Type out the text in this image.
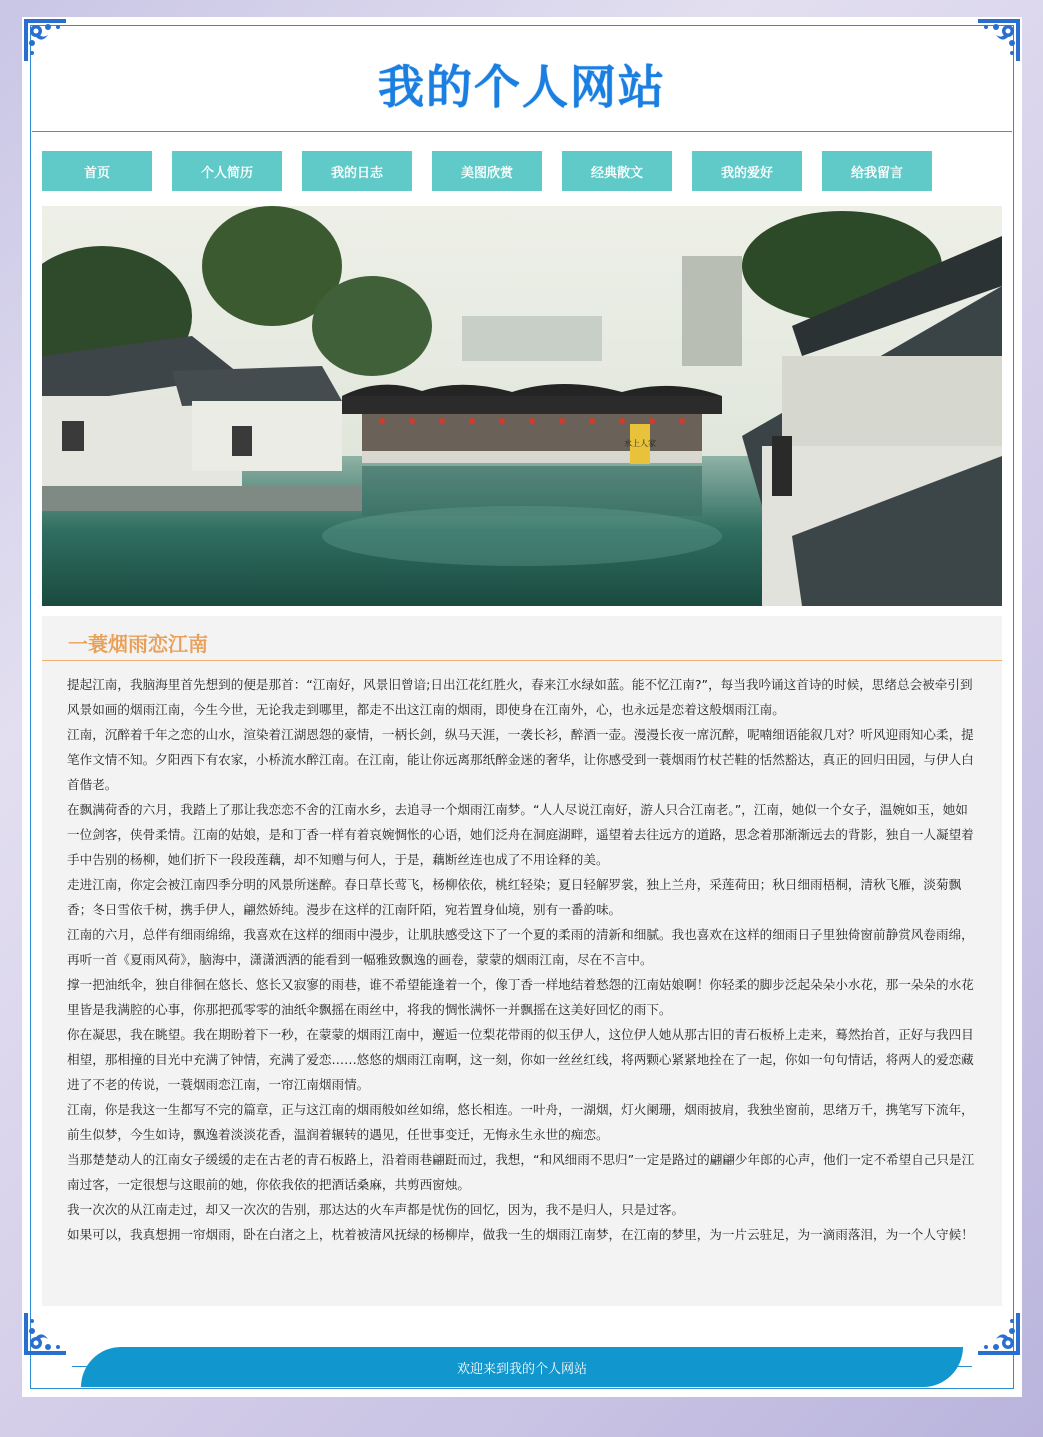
我的个人网站
首页	个人简历	我的日志	美图欣赏	经典散文	我的爱好	给我留言
水上人家
一蓑烟雨恋江南

提起江南，我脑海里首先想到的便是那首：“江南好，风景旧曾谙;日出江花红胜火，春来江水绿如蓝。能不忆江南?”，每当我吟诵这首诗的时候，思绪总会被牵引到风景如画的烟雨江南，今生今世，无论我走到哪里，都走不出这江南的烟雨，即使身在江南外，心，也永远是恋着这般烟雨江南。

江南，沉醉着千年之恋的山水，渲染着江湖恩怨的豪情，一柄长剑，纵马天涯，一袭长衫，醉酒一壶。漫漫长夜一席沉醉，呢喃细语能叙几对？听风迎雨知心柔，提笔作文情不知。夕阳西下有农家，小桥流水醉江南。在江南，能让你远离那纸醉金迷的奢华，让你感受到一蓑烟雨竹杖芒鞋的恬然豁达，真正的回归田园，与伊人白首偕老。

在飘满荷香的六月，我踏上了那让我恋恋不舍的江南水乡，去追寻一个烟雨江南梦。“人人尽说江南好，游人只合江南老。”，江南，她似一个女子，温婉如玉，她如一位剑客，侠骨柔情。江南的姑娘，是和丁香一样有着哀婉惆怅的心语，她们泛舟在洞庭湖畔，遥望着去往远方的道路，思念着那渐渐远去的背影，独自一人凝望着手中告别的杨柳，她们折下一段段莲藕，却不知赠与何人，于是，藕断丝连也成了不用诠释的美。

走进江南，你定会被江南四季分明的风景所迷醉。春日草长莺飞，杨柳依依，桃红轻染；夏日轻解罗裳，独上兰舟，采莲荷田；秋日细雨梧桐，清秋飞雁，淡菊飘香；冬日雪依千树，携手伊人，翩然娇纯。漫步在这样的江南阡陌，宛若置身仙境，别有一番韵味。

江南的六月，总伴有细雨绵绵，我喜欢在这样的细雨中漫步，让肌肤感受这下了一个夏的柔雨的清新和细腻。我也喜欢在这样的细雨日子里独倚窗前静赏风卷雨绵，再听一首《夏雨风荷》，脑海中，潇潇洒洒的能看到一幅雅致飘逸的画卷，蒙蒙的烟雨江南，尽在不言中。

撑一把油纸伞，独自徘徊在悠长、悠长又寂寥的雨巷，谁不希望能逢着一个，像丁香一样地结着愁怨的江南姑娘啊！你轻柔的脚步泛起朵朵小水花，那一朵朵的水花里皆是我满腔的心事，你那把孤零零的油纸伞飘摇在雨丝中，将我的惆怅满怀一并飘摇在这美好回忆的雨下。

你在凝思，我在眺望。我在期盼着下一秒，在蒙蒙的烟雨江南中，邂逅一位梨花带雨的似玉伊人，这位伊人她从那古旧的青石板桥上走来，蓦然抬首，正好与我四目相望，那相撞的目光中充满了钟情，充满了爱恋……悠悠的烟雨江南啊，这一刻，你如一丝丝红线，将两颗心紧紧地拴在了一起，你如一句句情话，将两人的爱恋藏进了不老的传说，一蓑烟雨恋江南，一帘江南烟雨情。

江南，你是我这一生都写不完的篇章，正与这江南的烟雨般如丝如绵，悠长相连。一叶舟，一湖烟，灯火阑珊，烟雨披肩，我独坐窗前，思绪万千，携笔写下流年，前生似梦，今生如诗，飘逸着淡淡花香，温润着辗转的遇见，任世事变迁，无悔永生永世的痴恋。

当那楚楚动人的江南女子缓缓的走在古老的青石板路上，沿着雨巷翩跹而过，我想，“和风细雨不思归”一定是路过的翩翩少年郎的心声，他们一定不希望自己只是江南过客，一定很想与这眼前的她，你依我依的把酒话桑麻，共剪西窗烛。

我一次次的从江南走过，却又一次次的告别，那达达的火车声都是忧伤的回忆，因为，我不是归人，只是过客。

如果可以，我真想拥一帘烟雨，卧在白渚之上，枕着被清风抚绿的杨柳岸，做我一生的烟雨江南梦，在江南的梦里，为一片云驻足，为一滴雨落泪，为一个人守候！

欢迎来到我的个人网站
